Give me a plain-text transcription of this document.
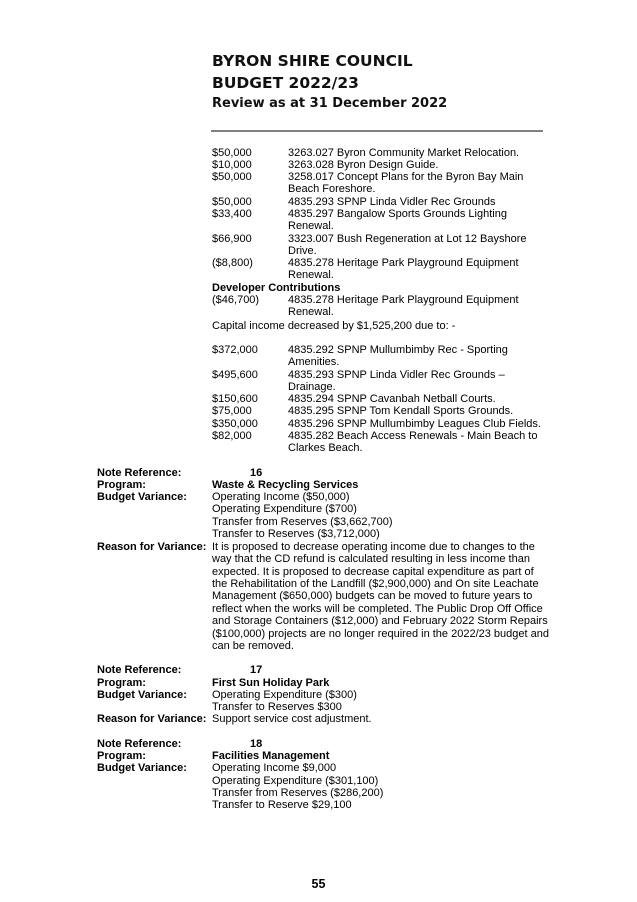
BYRON SHIRE COUNCIL
BUDGET 2022/23
Review as at 31 December 2022
$50,000	3263.027 Byron Community Market Relocation.
$10,000	3263.028 Byron Design Guide.
$50,000	3258.017 Concept Plans for the Byron Bay Main
Beach Foreshore.
$50,000	4835.293 SPNP Linda Vidler Rec Grounds
$33,400	4835.297 Bangalow Sports Grounds Lighting
Renewal.
$66,900	3323.007 Bush Regeneration at Lot 12 Bayshore
Drive.
($8,800)	4835.278 Heritage Park Playground Equipment
Renewal.
Developer Contributions
($46,700)	4835.278 Heritage Park Playground Equipment
Renewal.
Capital income decreased by $1,525,200 due to: -
$372,000	4835.292 SPNP Mullumbimby Rec - Sporting
Amenities.
$495,600	4835.293 SPNP Linda Vidler Rec Grounds –
Drainage.
$150,600	4835.294 SPNP Cavanbah Netball Courts.
$75,000	4835.295 SPNP Tom Kendall Sports Grounds.
$350,000	4835.296 SPNP Mullumbimby Leagues Club Fields.
$82,000	4835.282 Beach Access Renewals - Main Beach to
Clarkes Beach.
Note Reference:	16
Program:	Waste & Recycling Services
Budget Variance: Operating Income ($50,000)
Operating Expenditure ($700)
Transfer from Reserves ($3,662,700)
Transfer to Reserves ($3,712,000)
Reason for Variance: It is proposed to decrease operating income due to changes to the
way that the CD refund is calculated resulting in less income than
expected. It is proposed to decrease capital expenditure as part of
the Rehabilitation of the Landfill ($2,900,000) and On site Leachate
Management ($650,000) budgets can be moved to future years to
reflect when the works will be completed. The Public Drop Off Office
and Storage Containers ($12,000) and February 2022 Storm Repairs
($100,000) projects are no longer required in the 2022/23 budget and
can be removed.
Note Reference:	17
Program:	First Sun Holiday Park
Budget Variance: Operating Expenditure ($300)
Transfer to Reserves $300
Reason for Variance: Support service cost adjustment.
Note Reference:	18
Program:	Facilities Management
Budget Variance: Operating Income $9,000
Operating Expenditure ($301,100)
Transfer from Reserves ($286,200)
Transfer to Reserve $29,100
55
